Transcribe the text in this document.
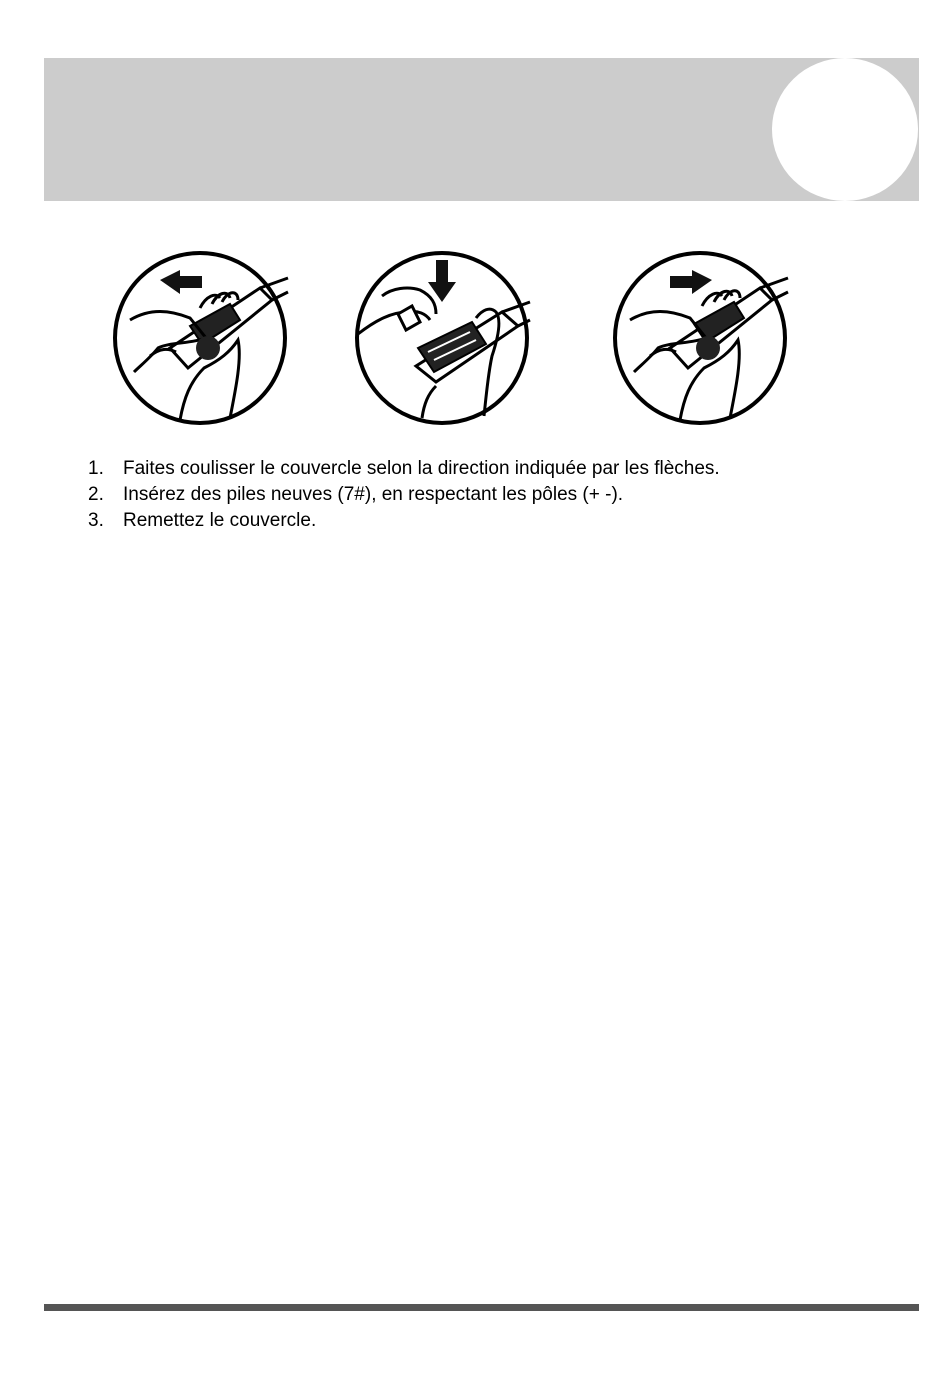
1. Faites coulisser le couvercle selon la direction indiquée par les flèches.
2. Insérez des piles neuves (7#), en respectant les pôles (+ -).
3. Remettez le couvercle.
